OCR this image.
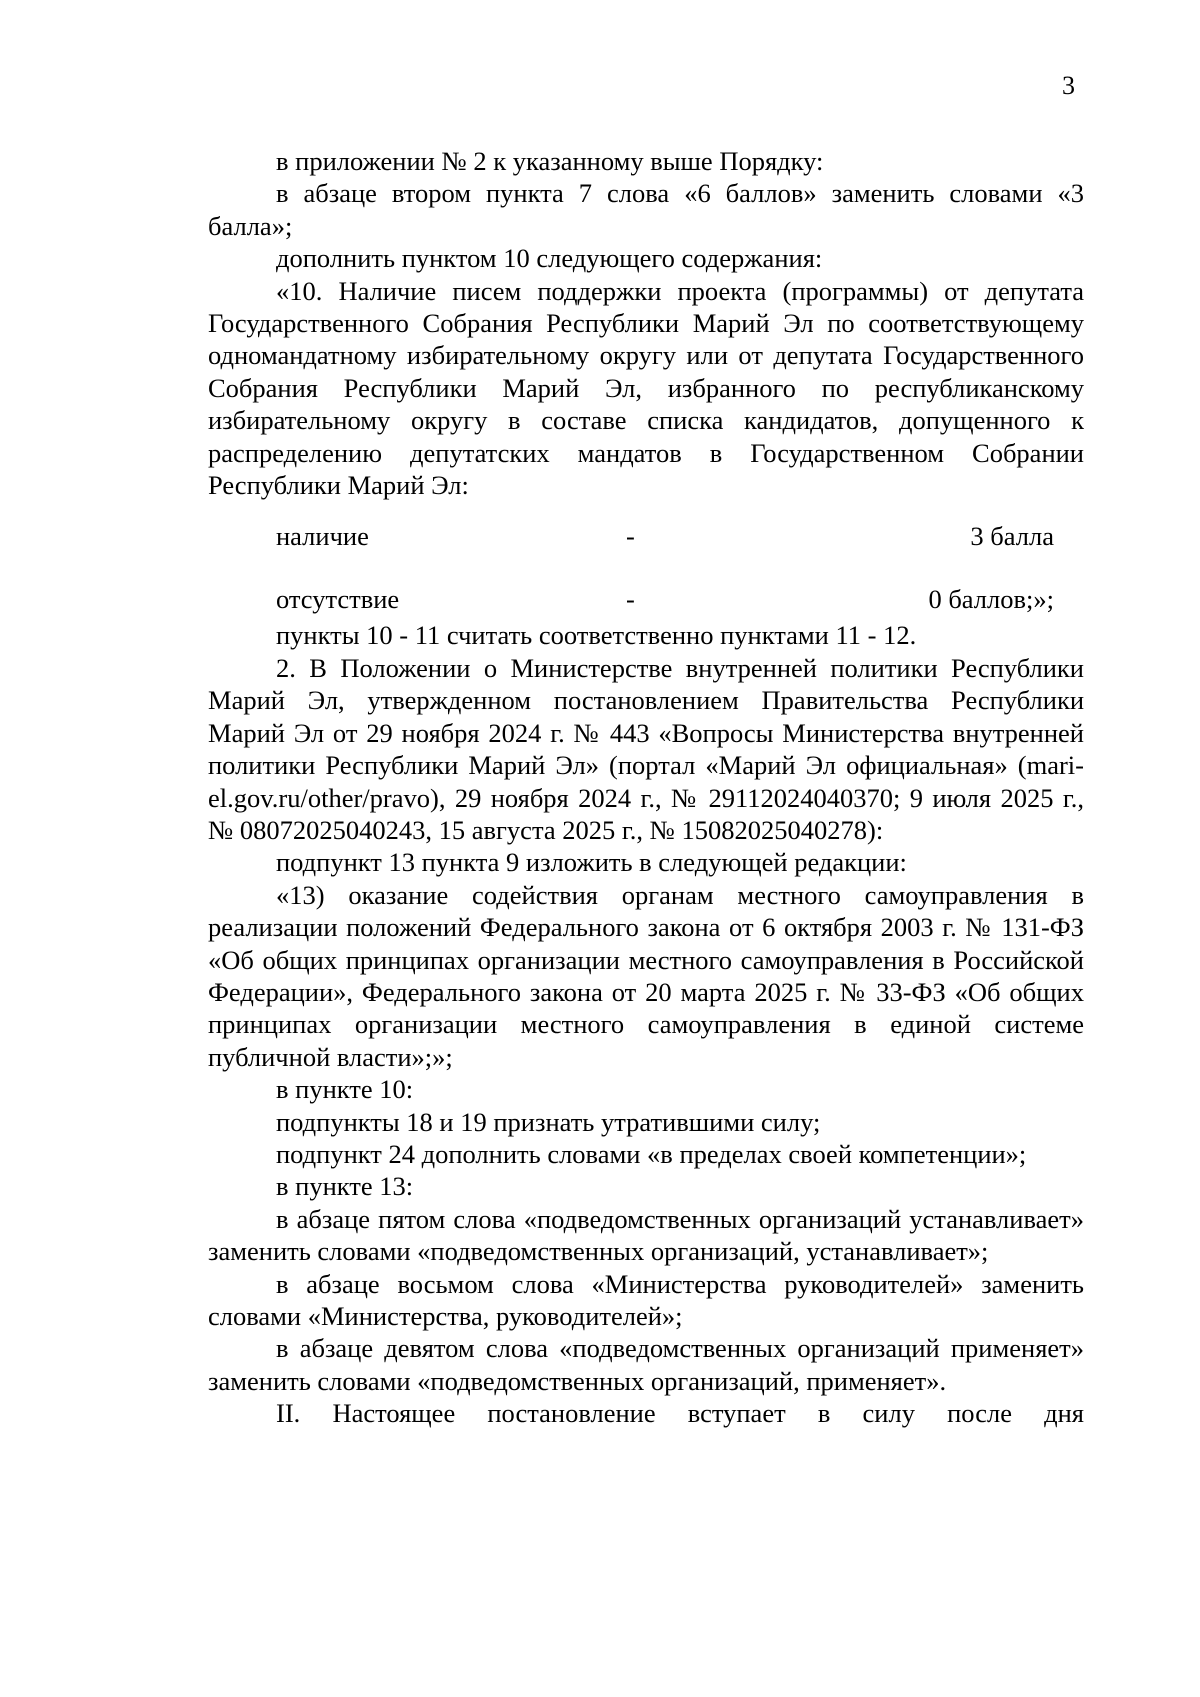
3

в приложении № 2 к указанному выше Порядку:

в абзаце втором пункта 7 слова «6 баллов» заменить словами «3 балла»;

дополнить пунктом 10 следующего содержания:

«10. Наличие писем поддержки проекта (программы) от депутата Государственного Собрания Республики Марий Эл по соответствующему одномандатному избирательному округу или от депутата Государственного Собрания Республики Марий Эл, избранного по республиканскому избирательному округу в составе списка кандидатов, допущенного к распределению депутатских мандатов в Государственном Собрании Республики Марий Эл:

наличие	-	3 балла
отсутствие	-	0 баллов;»;

пункты 10 - 11 считать соответственно пунктами 11 - 12.

2. В Положении о Министерстве внутренней политики Республики Марий Эл, утвержденном постановлением Правительства Республики Марий Эл от 29 ноября 2024 г. № 443 «Вопросы Министерства внутренней политики Республики Марий Эл» (портал «Марий Эл официальная» (mari-el.gov.ru/other/pravo), 29 ноября 2024 г., № 29112024040370; 9 июля 2025 г., № 08072025040243, 15 августа 2025 г., № 15082025040278):

подпункт 13 пункта 9 изложить в следующей редакции:

«13) оказание содействия органам местного самоуправления в реализации положений Федерального закона от 6 октября 2003 г. № 131-ФЗ «Об общих принципах организации местного самоуправления в Российской Федерации», Федерального закона от 20 марта 2025 г. № 33-ФЗ «Об общих принципах организации местного самоуправления в единой системе публичной власти»;»;

в пункте 10:

подпункты 18 и 19 признать утратившими силу;

подпункт 24 дополнить словами «в пределах своей компетенции»;

в пункте 13:

в абзаце пятом слова «подведомственных организаций устанавливает» заменить словами «подведомственных организаций, устанавливает»;

в абзаце восьмом слова «Министерства руководителей» заменить словами «Министерства, руководителей»;

в абзаце девятом слова «подведомственных организаций применяет» заменить словами «подведомственных организаций, применяет».

II. Настоящее постановление вступает в силу после дня
